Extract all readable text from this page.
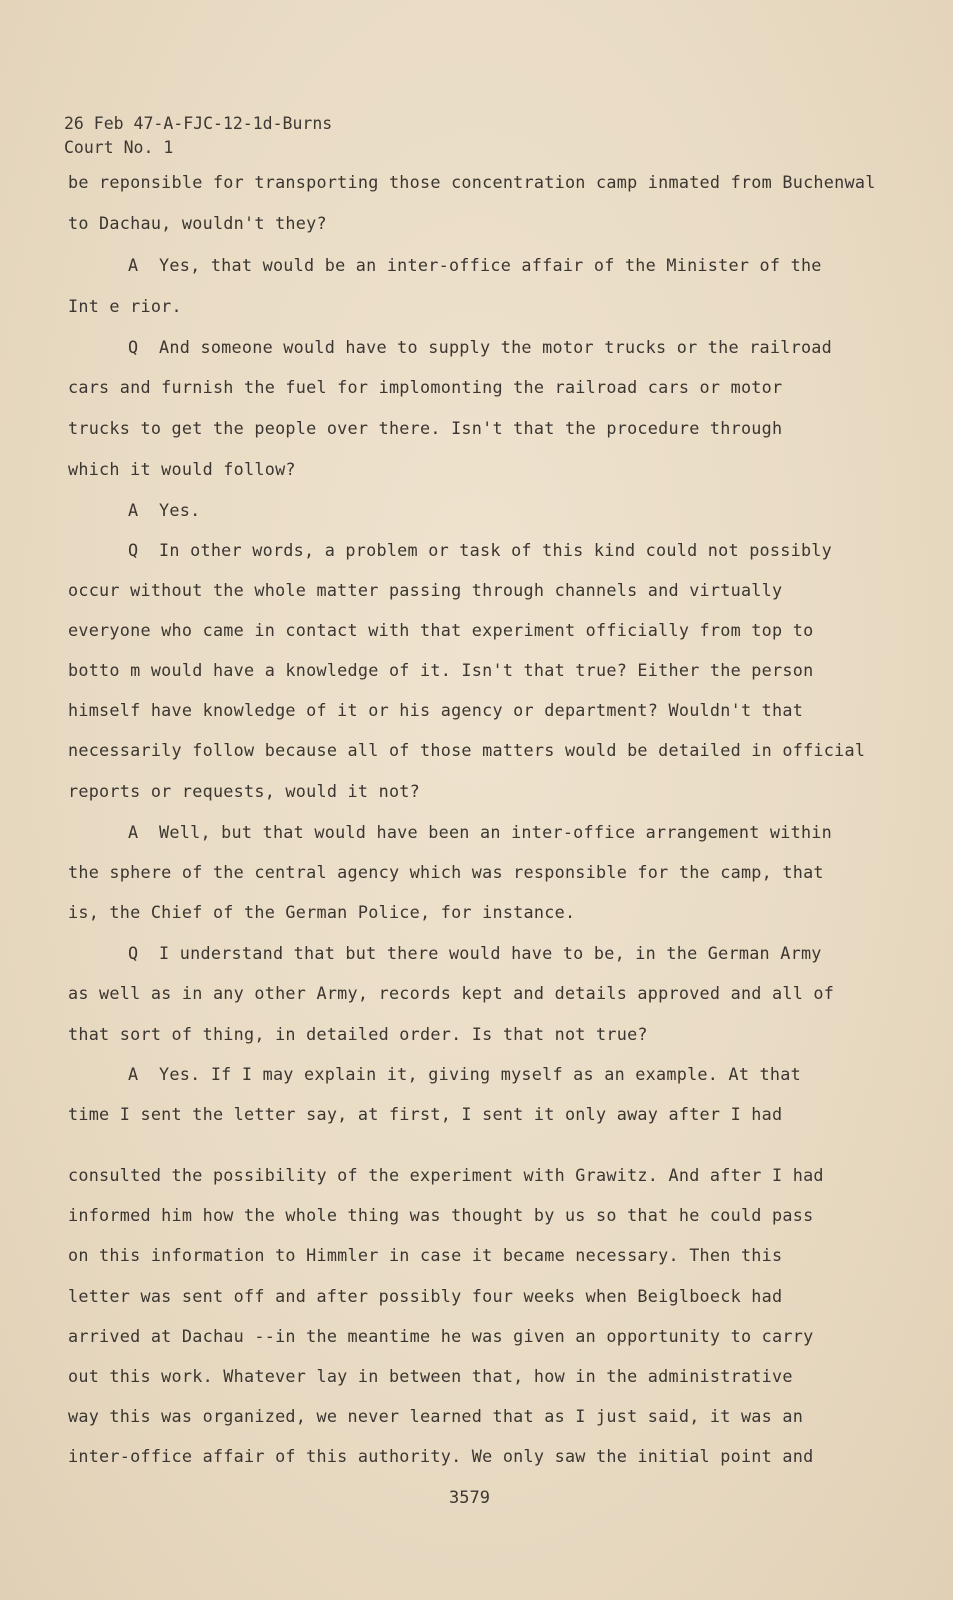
26 Feb 47-A-FJC-12-1d-Burns
Court No. 1
be reponsible for transporting those concentration camp inmated from Buchenwal
to Dachau, wouldn't they?
A  Yes, that would be an inter-office affair of the Minister of the
Int e rior.
Q  And someone would have to supply the motor trucks or the railroad
cars and furnish the fuel for implomonting the railroad cars or motor
trucks to get the people over there. Isn't that the procedure through
which it would follow?
A  Yes.
Q  In other words, a problem or task of this kind could not possibly
occur without the whole matter passing through channels and virtually
everyone who came in contact with that experiment officially from top to
botto m would have a knowledge of it. Isn't that true? Either the person
himself have knowledge of it or his agency or department? Wouldn't that
necessarily follow because all of those matters would be detailed in official
reports or requests, would it not?
A  Well, but that would have been an inter-office arrangement within
the sphere of the central agency which was responsible for the camp, that
is, the Chief of the German Police, for instance.
Q  I understand that but there would have to be, in the German Army
as well as in any other Army, records kept and details approved and all of
that sort of thing, in detailed order. Is that not true?
A  Yes. If I may explain it, giving myself as an example. At that
time I sent the letter say, at first, I sent it only away after I had
consulted the possibility of the experiment with Grawitz. And after I had
informed him how the whole thing was thought by us so that he could pass
on this information to Himmler in case it became necessary. Then this
letter was sent off and after possibly four weeks when Beiglboeck had
arrived at Dachau --in the meantime he was given an opportunity to carry
out this work. Whatever lay in between that, how in the administrative
way this was organized, we never learned that as I just said, it was an
inter-office affair of this authority. We only saw the initial point and
3579
